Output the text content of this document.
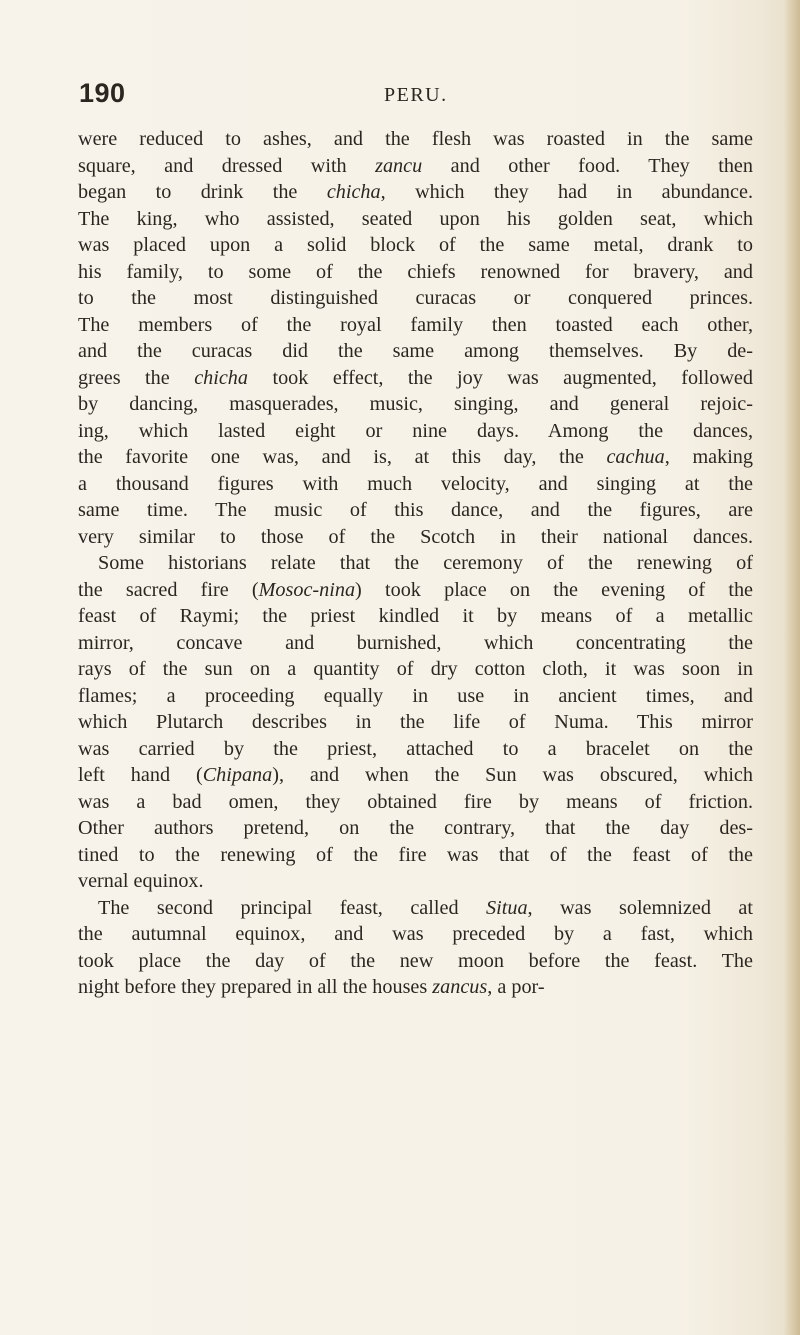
190	PERU.
were reduced to ashes, and the flesh was roasted in the same
square, and dressed with zancu and other food. They then
began to drink the chicha, which they had in abundance.
The king, who assisted, seated upon his golden seat, which
was placed upon a solid block of the same metal, drank to
his family, to some of the chiefs renowned for bravery, and
to the most distinguished curacas or conquered princes.
The members of the royal family then toasted each other,
and the curacas did the same among themselves. By de-
grees the chicha took effect, the joy was augmented, followed
by dancing, masquerades, music, singing, and general rejoic-
ing, which lasted eight or nine days. Among the dances,
the favorite one was, and is, at this day, the cachua, making
a thousand figures with much velocity, and singing at the
same time. The music of this dance, and the figures, are
very similar to those of the Scotch in their national dances.
Some historians relate that the ceremony of the renewing of
the sacred fire (Mosoc-nina) took place on the evening of the
feast of Raymi; the priest kindled it by means of a metallic
mirror, concave and burnished, which concentrating the
rays of the sun on a quantity of dry cotton cloth, it was soon in
flames; a proceeding equally in use in ancient times, and
which Plutarch describes in the life of Numa. This mirror
was carried by the priest, attached to a bracelet on the
left hand (Chipana), and when the Sun was obscured, which
was a bad omen, they obtained fire by means of friction.
Other authors pretend, on the contrary, that the day des-
tined to the renewing of the fire was that of the feast of the
vernal equinox.
The second principal feast, called Situa, was solemnized at
the autumnal equinox, and was preceded by a fast, which
took place the day of the new moon before the feast. The
night before they prepared in all the houses zancus, a por-
